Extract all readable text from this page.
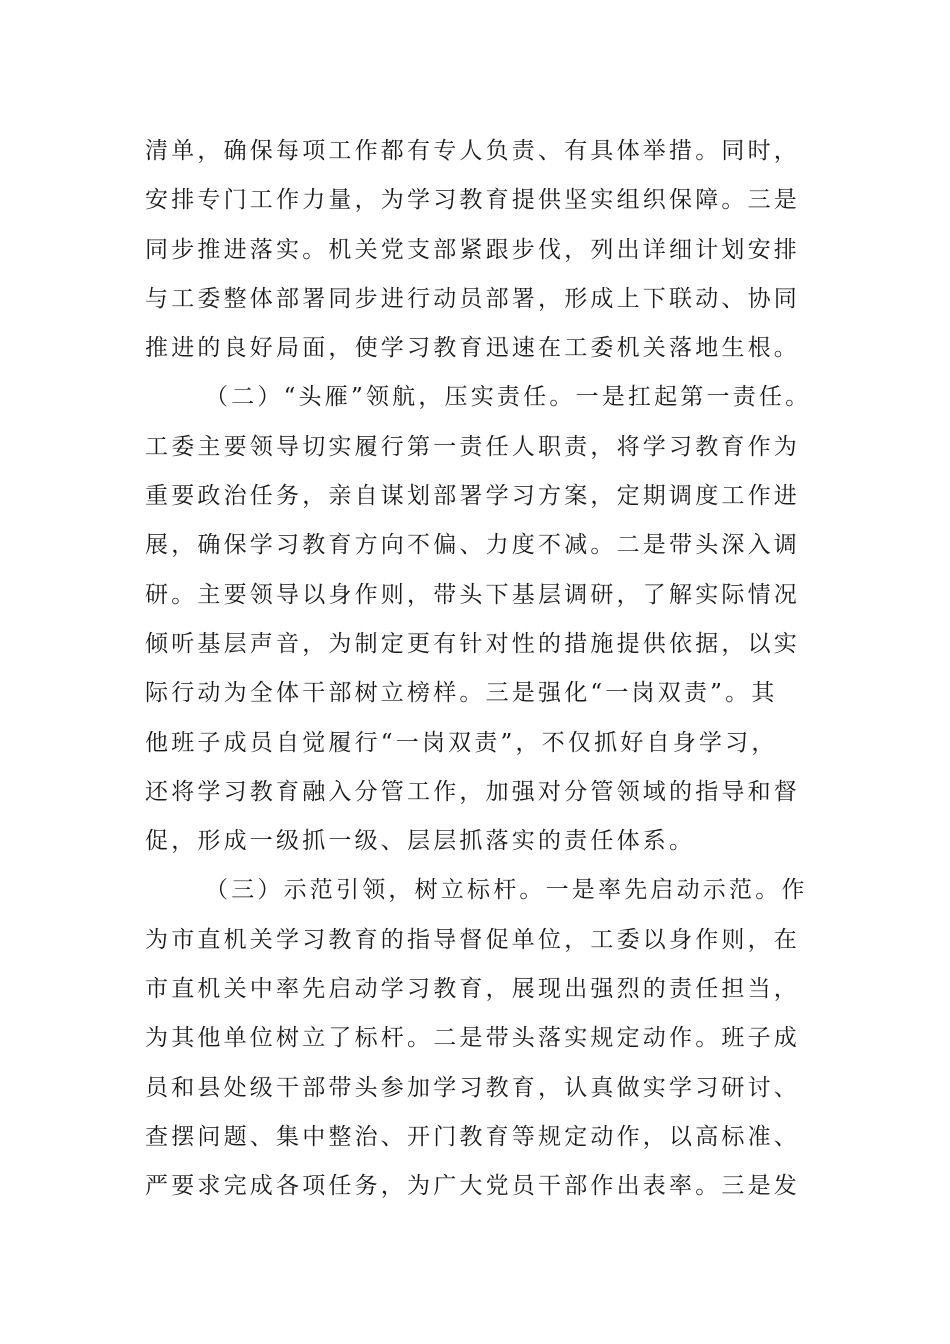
清单，确保每项工作都有专人负责、有具体举措。同时，
安排专门工作力量，为学习教育提供坚实组织保障。三是
同步推进落实。机关党支部紧跟步伐，列出详细计划安排
与工委整体部署同步进行动员部署，形成上下联动、协同
推进的良好局面，使学习教育迅速在工委机关落地生根。
（二）“头雁”领航，压实责任。一是扛起第一责任。
工委主要领导切实履行第一责任人职责，将学习教育作为
重要政治任务，亲自谋划部署学习方案，定期调度工作进
展，确保学习教育方向不偏、力度不减。二是带头深入调
研。主要领导以身作则，带头下基层调研，了解实际情况
倾听基层声音，为制定更有针对性的措施提供依据，以实
际行动为全体干部树立榜样。三是强化“一岗双责”。其
他班子成员自觉履行“一岗双责”，不仅抓好自身学习，
还将学习教育融入分管工作，加强对分管领域的指导和督
促，形成一级抓一级、层层抓落实的责任体系。
（三）示范引领，树立标杆。一是率先启动示范。作
为市直机关学习教育的指导督促单位，工委以身作则，在
市直机关中率先启动学习教育，展现出强烈的责任担当，
为其他单位树立了标杆。二是带头落实规定动作。班子成
员和县处级干部带头参加学习教育，认真做实学习研讨、
查摆问题、集中整治、开门教育等规定动作，以高标准、
严要求完成各项任务，为广大党员干部作出表率。三是发
